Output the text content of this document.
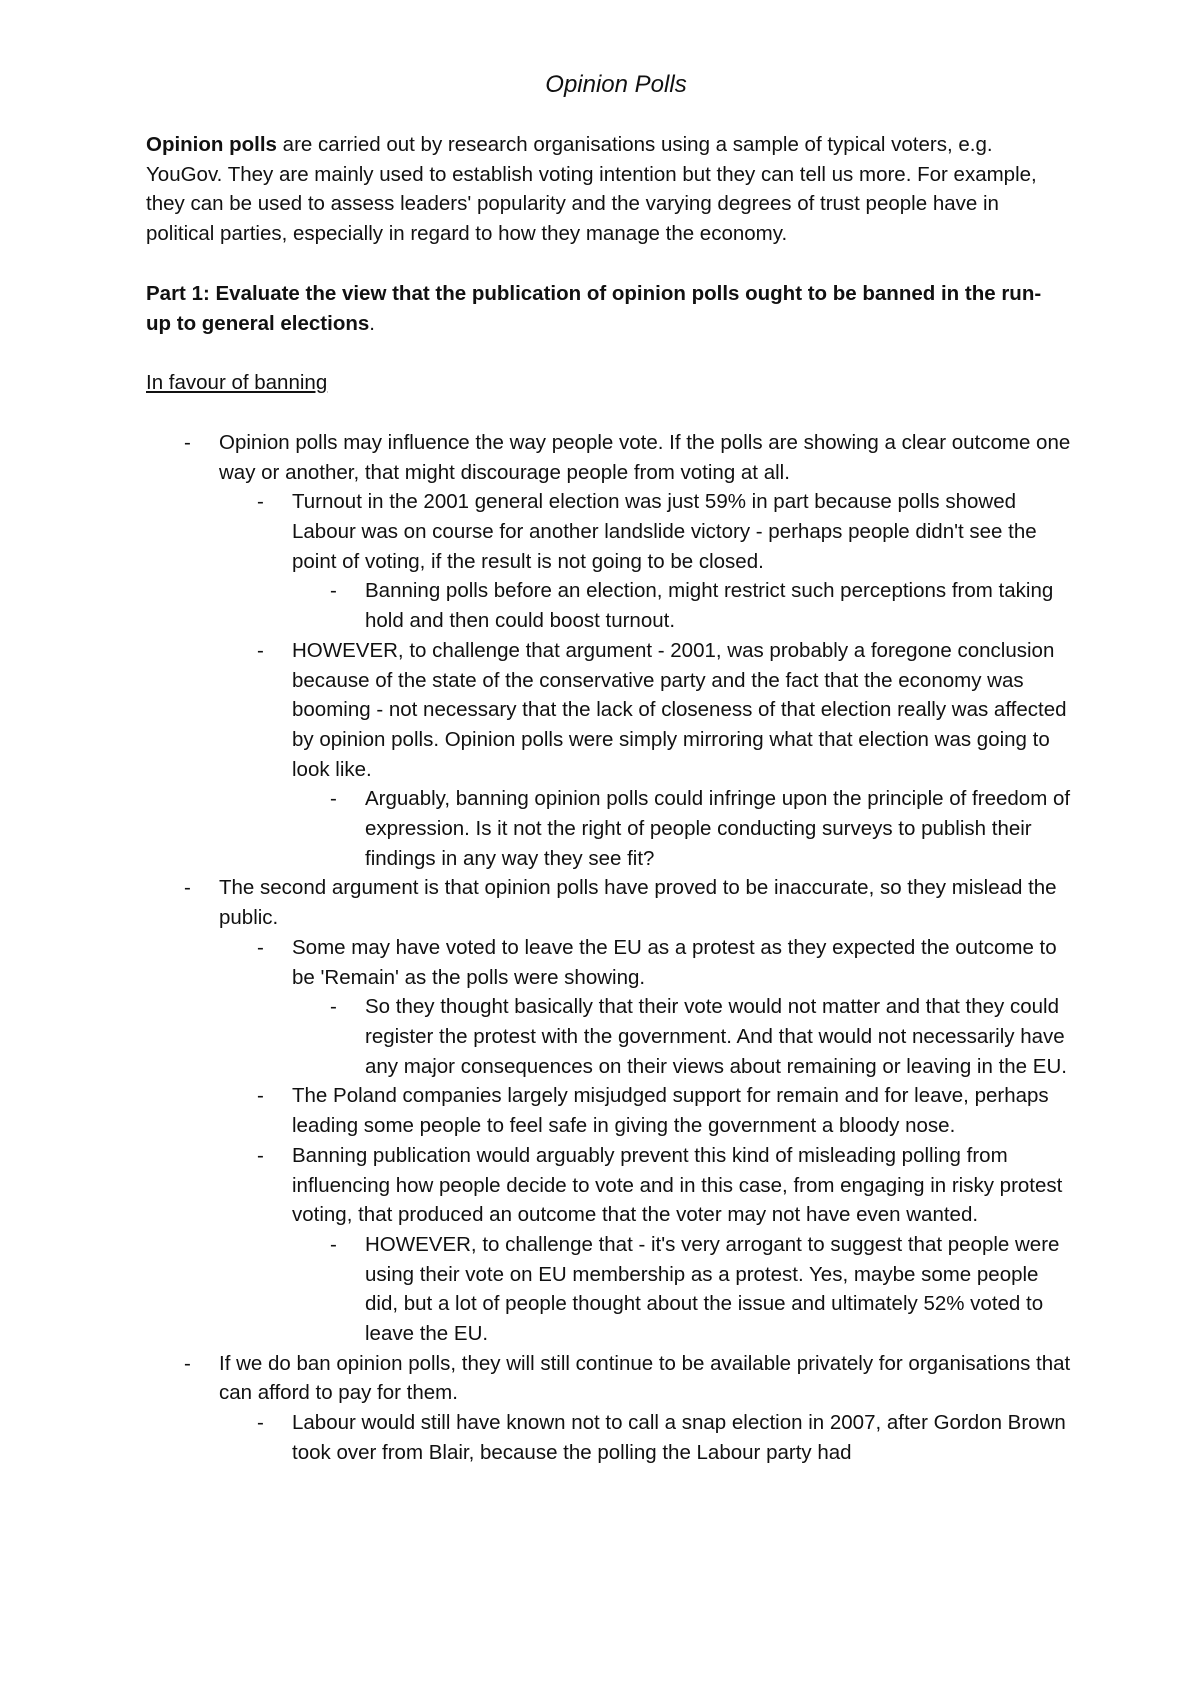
Opinion Polls
Opinion polls are carried out by research organisations using a sample of typical voters, e.g. YouGov. They are mainly used to establish voting intention but they can tell us more. For example, they can be used to assess leaders' popularity and the varying degrees of trust people have in political parties, especially in regard to how they manage the economy.
Part 1: Evaluate the view that the publication of opinion polls ought to be banned in the run-up to general elections.
In favour of banning
- Opinion polls may influence the way people vote. If the polls are showing a clear outcome one way or another, that might discourage people from voting at all.
- Turnout in the 2001 general election was just 59% in part because polls showed Labour was on course for another landslide victory - perhaps people didn't see the point of voting, if the result is not going to be closed.
- Banning polls before an election, might restrict such perceptions from taking hold and then could boost turnout.
- HOWEVER, to challenge that argument - 2001, was probably a foregone conclusion because of the state of the conservative party and the fact that the economy was booming - not necessary that the lack of closeness of that election really was affected by opinion polls. Opinion polls were simply mirroring what that election was going to look like.
- Arguably, banning opinion polls could infringe upon the principle of freedom of expression. Is it not the right of people conducting surveys to publish their findings in any way they see fit?
- The second argument is that opinion polls have proved to be inaccurate, so they mislead the public.
- Some may have voted to leave the EU as a protest as they expected the outcome to be 'Remain' as the polls were showing.
- So they thought basically that their vote would not matter and that they could register the protest with the government. And that would not necessarily have any major consequences on their views about remaining or leaving in the EU.
- The Poland companies largely misjudged support for remain and for leave, perhaps leading some people to feel safe in giving the government a bloody nose.
- Banning publication would arguably prevent this kind of misleading polling from influencing how people decide to vote and in this case, from engaging in risky protest voting, that produced an outcome that the voter may not have even wanted.
- HOWEVER, to challenge that - it's very arrogant to suggest that people were using their vote on EU membership as a protest. Yes, maybe some people did, but a lot of people thought about the issue and ultimately 52% voted to leave the EU.
- If we do ban opinion polls, they will still continue to be available privately for organisations that can afford to pay for them.
- Labour would still have known not to call a snap election in 2007, after Gordon Brown took over from Blair, because the polling the Labour party had
